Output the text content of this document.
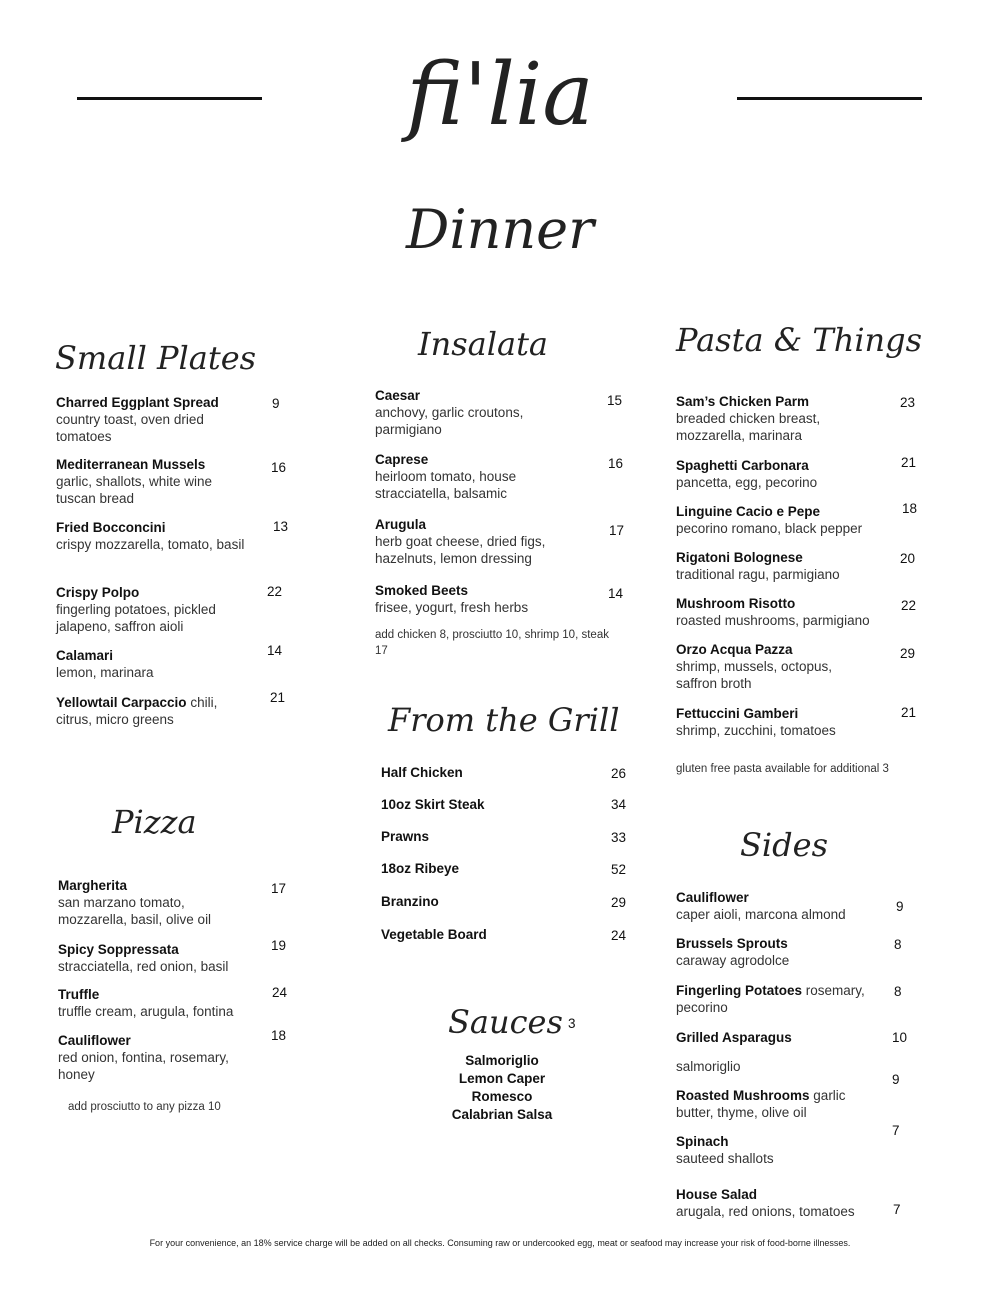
fi'lia
Dinner
Small Plates
Charred Eggplant Spread
country toast, oven dried tomatoes
9
Mediterranean Mussels
garlic, shallots, white wine tuscan bread
16
Fried Bocconcini
crispy mozzarella, tomato, basil
13
Crispy Polpo
fingerling potatoes, pickled jalapeno, saffron aioli
22
Calamari
lemon, marinara
14
Yellowtail Carpaccio chili, citrus, micro greens
21
Pizza
Margherita
san marzano tomato, mozzarella, basil, olive oil
17
Spicy Soppressata
stracciatella, red onion, basil
19
Truffle
truffle cream, arugula, fontina
24
Cauliflower
red onion, fontina, rosemary, honey
18
add prosciutto to any pizza 10
Insalata
Caesar
anchovy, garlic croutons, parmigiano
15
Caprese
heirloom tomato, house stracciatella, balsamic
16
Arugula
herb goat cheese, dried figs, hazelnuts, lemon dressing
17
Smoked Beets
frisee, yogurt, fresh herbs
14
add chicken 8, prosciutto 10, shrimp 10, steak 17
From the Grill
Half Chicken	26
10oz Skirt Steak	34
Prawns	33
18oz Ribeye	52
Branzino	29
Vegetable Board	24
Sauces 3
Salmoriglio
Lemon Caper
Romesco
Calabrian Salsa
Pasta & Things
Sam’s Chicken Parm
breaded chicken breast, mozzarella, marinara
23
Spaghetti Carbonara
pancetta, egg, pecorino
21
Linguine Cacio e Pepe
pecorino romano, black pepper
18
Rigatoni Bolognese
traditional ragu, parmigiano
20
Mushroom Risotto
roasted mushrooms, parmigiano
22
Orzo Acqua Pazza
shrimp, mussels, octopus, saffron broth
29
Fettuccini Gamberi
shrimp, zucchini, tomatoes
21
gluten free pasta available for additional 3
Sides
Cauliflower
caper aioli, marcona almond
9
Brussels Sprouts
caraway agrodolce
8
Fingerling Potatoes rosemary, pecorino
8
Grilled Asparagus
salmoriglio
10
Roasted Mushrooms garlic butter, thyme, olive oil
9
Spinach
sauteed shallots
7
House Salad
arugala, red onions, tomatoes	7
For your convenience, an 18% service charge will be added on all checks. Consuming raw or undercooked egg, meat or seafood may increase your risk of food-borne illnesses.
